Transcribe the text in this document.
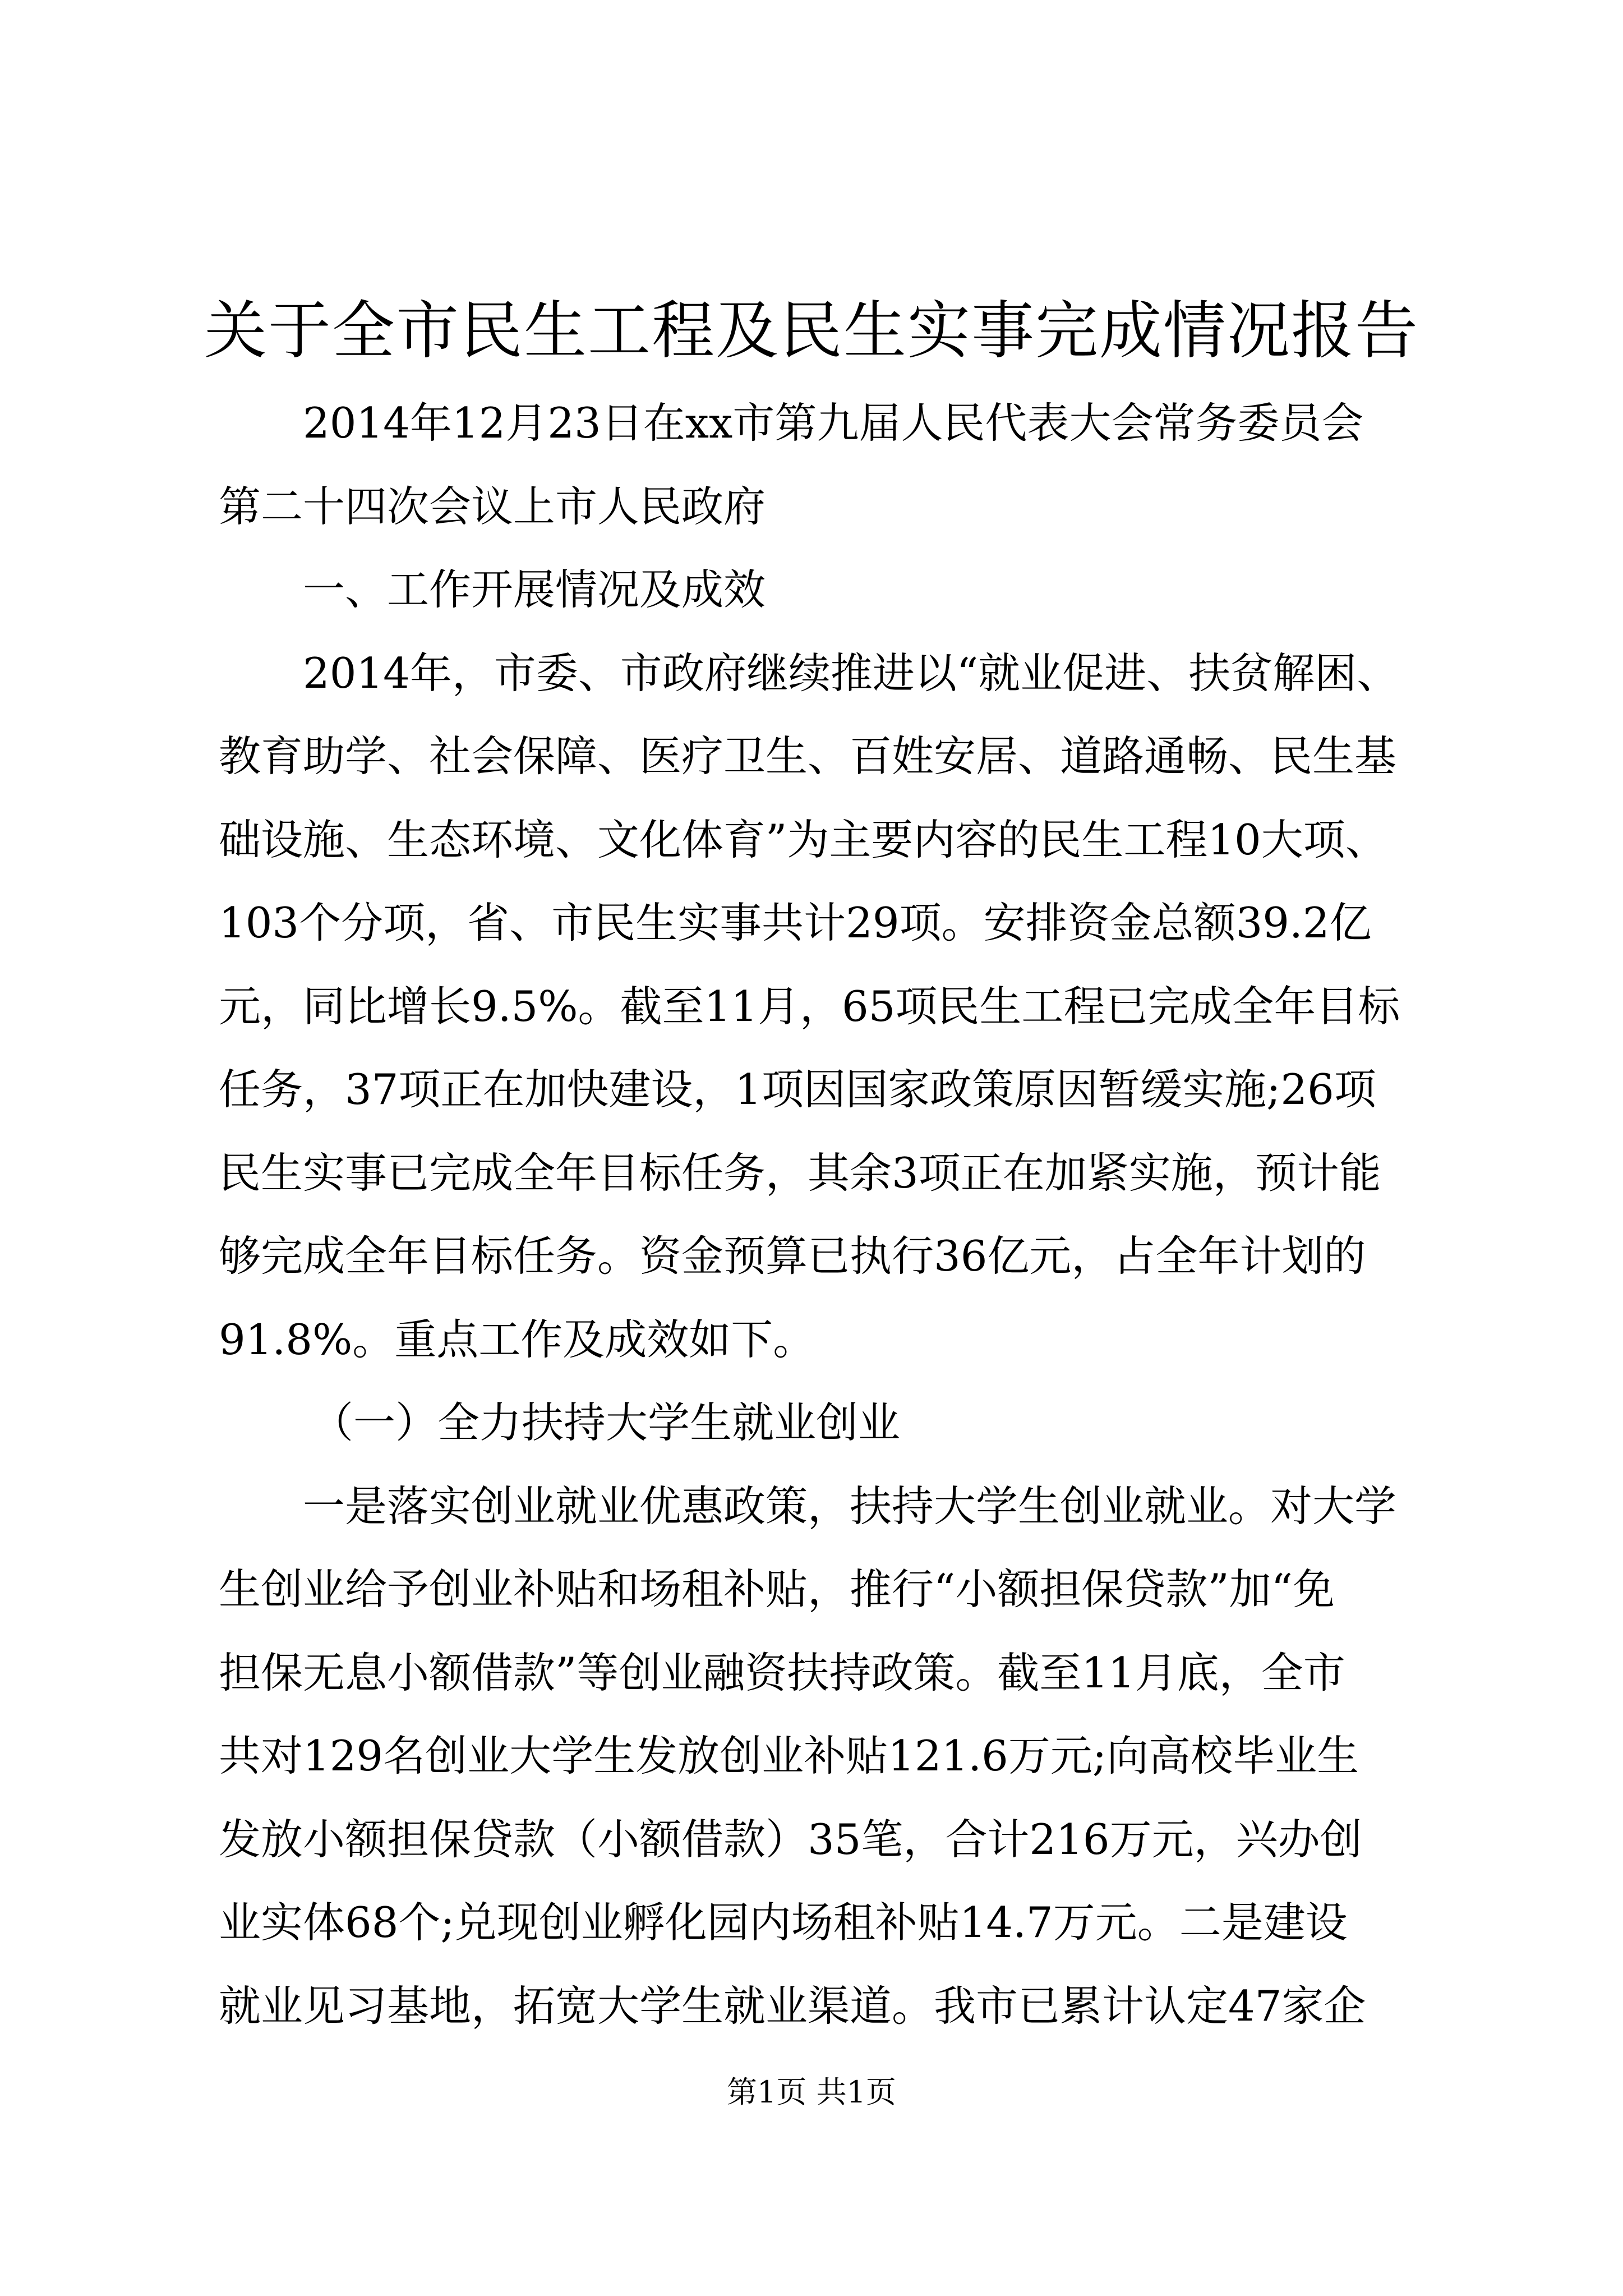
关于全市民生工程及民生实事完成情况报告
2014年12月23日在xx市第九届人民代表大会常务委员会
第二十四次会议上市人民政府
一、工作开展情况及成效
2014年，市委、市政府继续推进以“就业促进、扶贫解困、
教育助学、社会保障、医疗卫生、百姓安居、道路通畅、民生基
础设施、生态环境、文化体育”为主要内容的民生工程10大项、
103个分项，省、市民生实事共计29项。安排资金总额39.2亿
元，同比增长9.5%。截至11月，65项民生工程已完成全年目标
任务，37项正在加快建设，1项因国家政策原因暂缓实施;26项
民生实事已完成全年目标任务，其余3项正在加紧实施，预计能
够完成全年目标任务。资金预算已执行36亿元，占全年计划的
91.8%。重点工作及成效如下。
（一）全力扶持大学生就业创业
一是落实创业就业优惠政策，扶持大学生创业就业。对大学
生创业给予创业补贴和场租补贴，推行“小额担保贷款”加“免
担保无息小额借款”等创业融资扶持政策。截至11月底，全市
共对129名创业大学生发放创业补贴121.6万元;向高校毕业生
发放小额担保贷款（小额借款）35笔，合计216万元，兴办创
业实体68个;兑现创业孵化园内场租补贴14.7万元。二是建设
就业见习基地，拓宽大学生就业渠道。我市已累计认定47家企
第1页 共1页
